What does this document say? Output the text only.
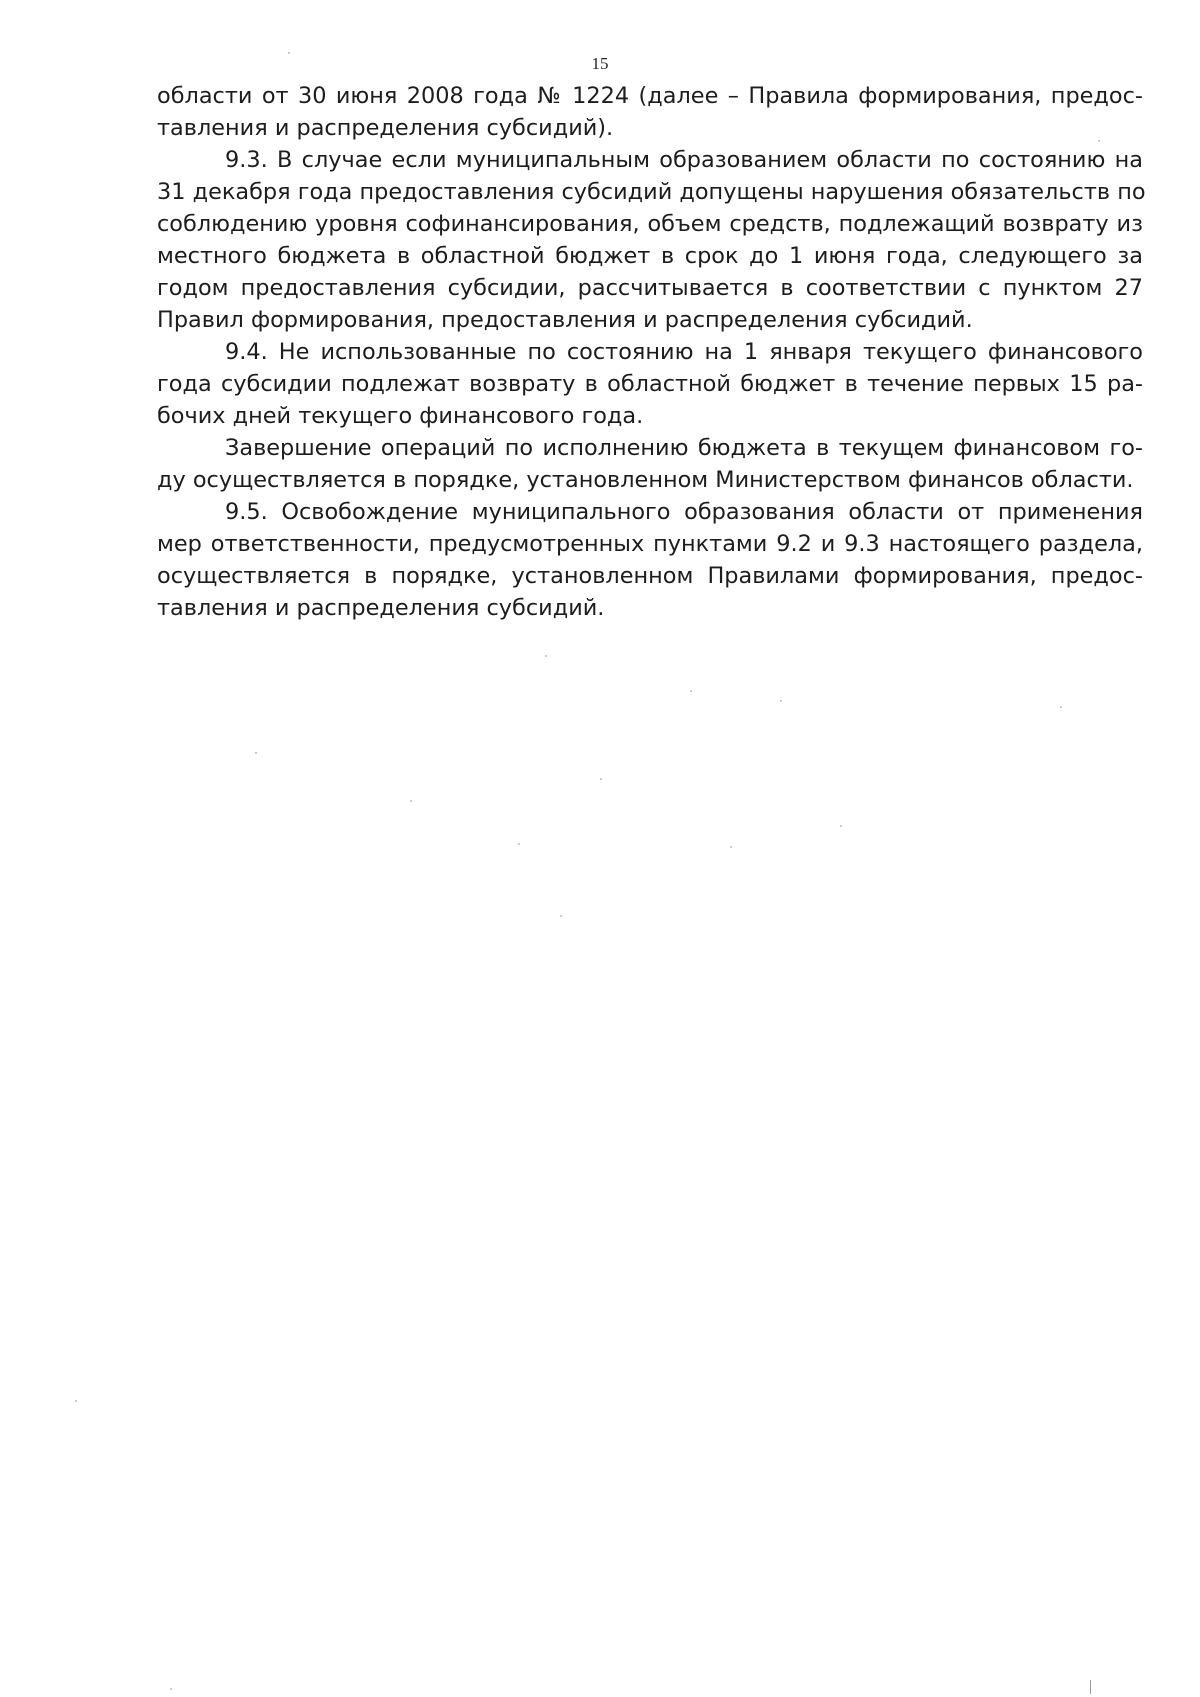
15
области от 30 июня 2008 года № 1224 (далее – Правила формирования, предос-
тавления и распределения субсидий).
9.3. В случае если муниципальным образованием области по состоянию на
31 декабря года предоставления субсидий допущены нарушения обязательств по
соблюдению уровня софинансирования, объем средств, подлежащий возврату из
местного бюджета в областной бюджет в срок до 1 июня года, следующего за
годом предоставления субсидии, рассчитывается в соответствии с пунктом 27
Правил формирования, предоставления и распределения субсидий.
9.4. Не использованные по состоянию на 1 января текущего финансового
года субсидии подлежат возврату в областной бюджет в течение первых 15 ра-
бочих дней текущего финансового года.
Завершение операций по исполнению бюджета в текущем финансовом го-
ду осуществляется в порядке, установленном Министерством финансов области.
9.5. Освобождение муниципального образования области от применения
мер ответственности, предусмотренных пунктами 9.2 и 9.3 настоящего раздела,
осуществляется в порядке, установленном Правилами формирования, предос-
тавления и распределения субсидий.
